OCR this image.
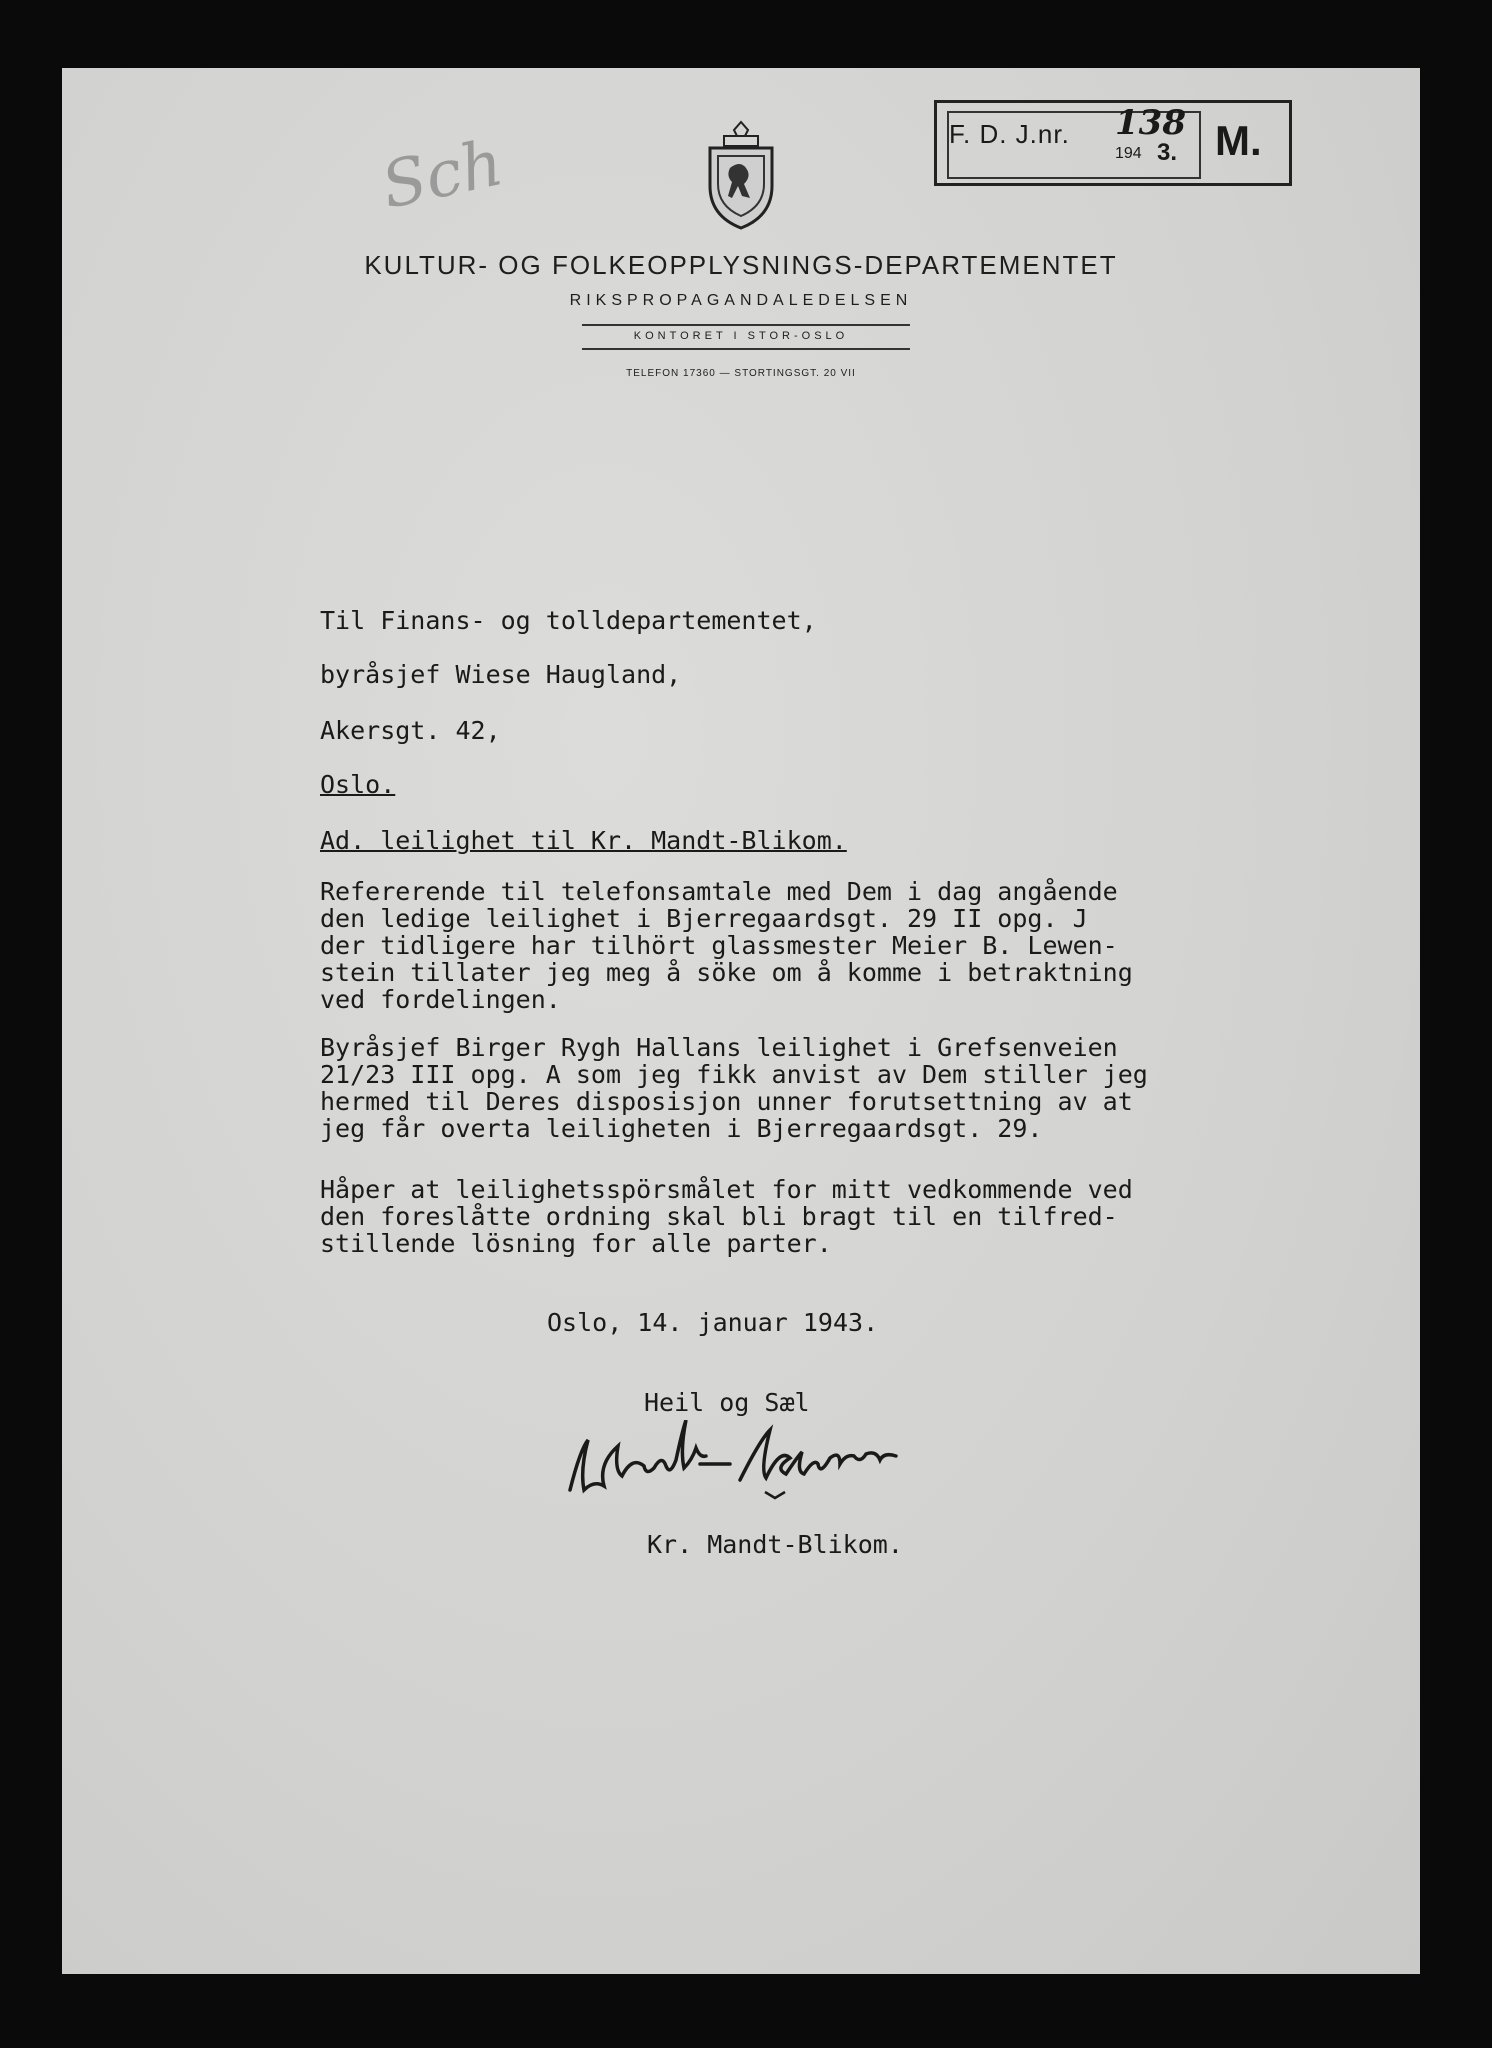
Sch	F. D. J.nr. 138
194 3. M.
KULTUR- OG FOLKEOPPLYSNINGS-DEPARTEMENTET
RIKSPROPAGANDALEDELSEN
KONTORET I STOR-OSLO
TELEFON 17360 — STORTINGSGT. 20 VII
Til Finans- og tolldepartementet,
byråsjef Wiese Haugland,
Akersgt. 42,
Oslo.
Ad. leilighet til Kr. Mandt-Blikom.
Refererende til telefonsamtale med Dem i dag angående
den ledige leilighet i Bjerregaardsgt. 29 II opg. J
der tidligere har tilhört glassmester Meier B. Lewen-
stein tillater jeg meg å söke om å komme i betraktning
ved fordelingen.
Byråsjef Birger Rygh Hallans leilighet i Grefsenveien
21/23 III opg. A som jeg fikk anvist av Dem stiller jeg
hermed til Deres disposisjon unner forutsettning av at
jeg får overta leiligheten i Bjerregaardsgt. 29.
Håper at leilighetsspörsmålet for mitt vedkommende ved
den foreslåtte ordning skal bli bragt til en tilfred-
stillende lösning for alle parter.
Oslo, 14. januar 1943.
Heil og Sæl
Kr. Mandt-Blikom.
